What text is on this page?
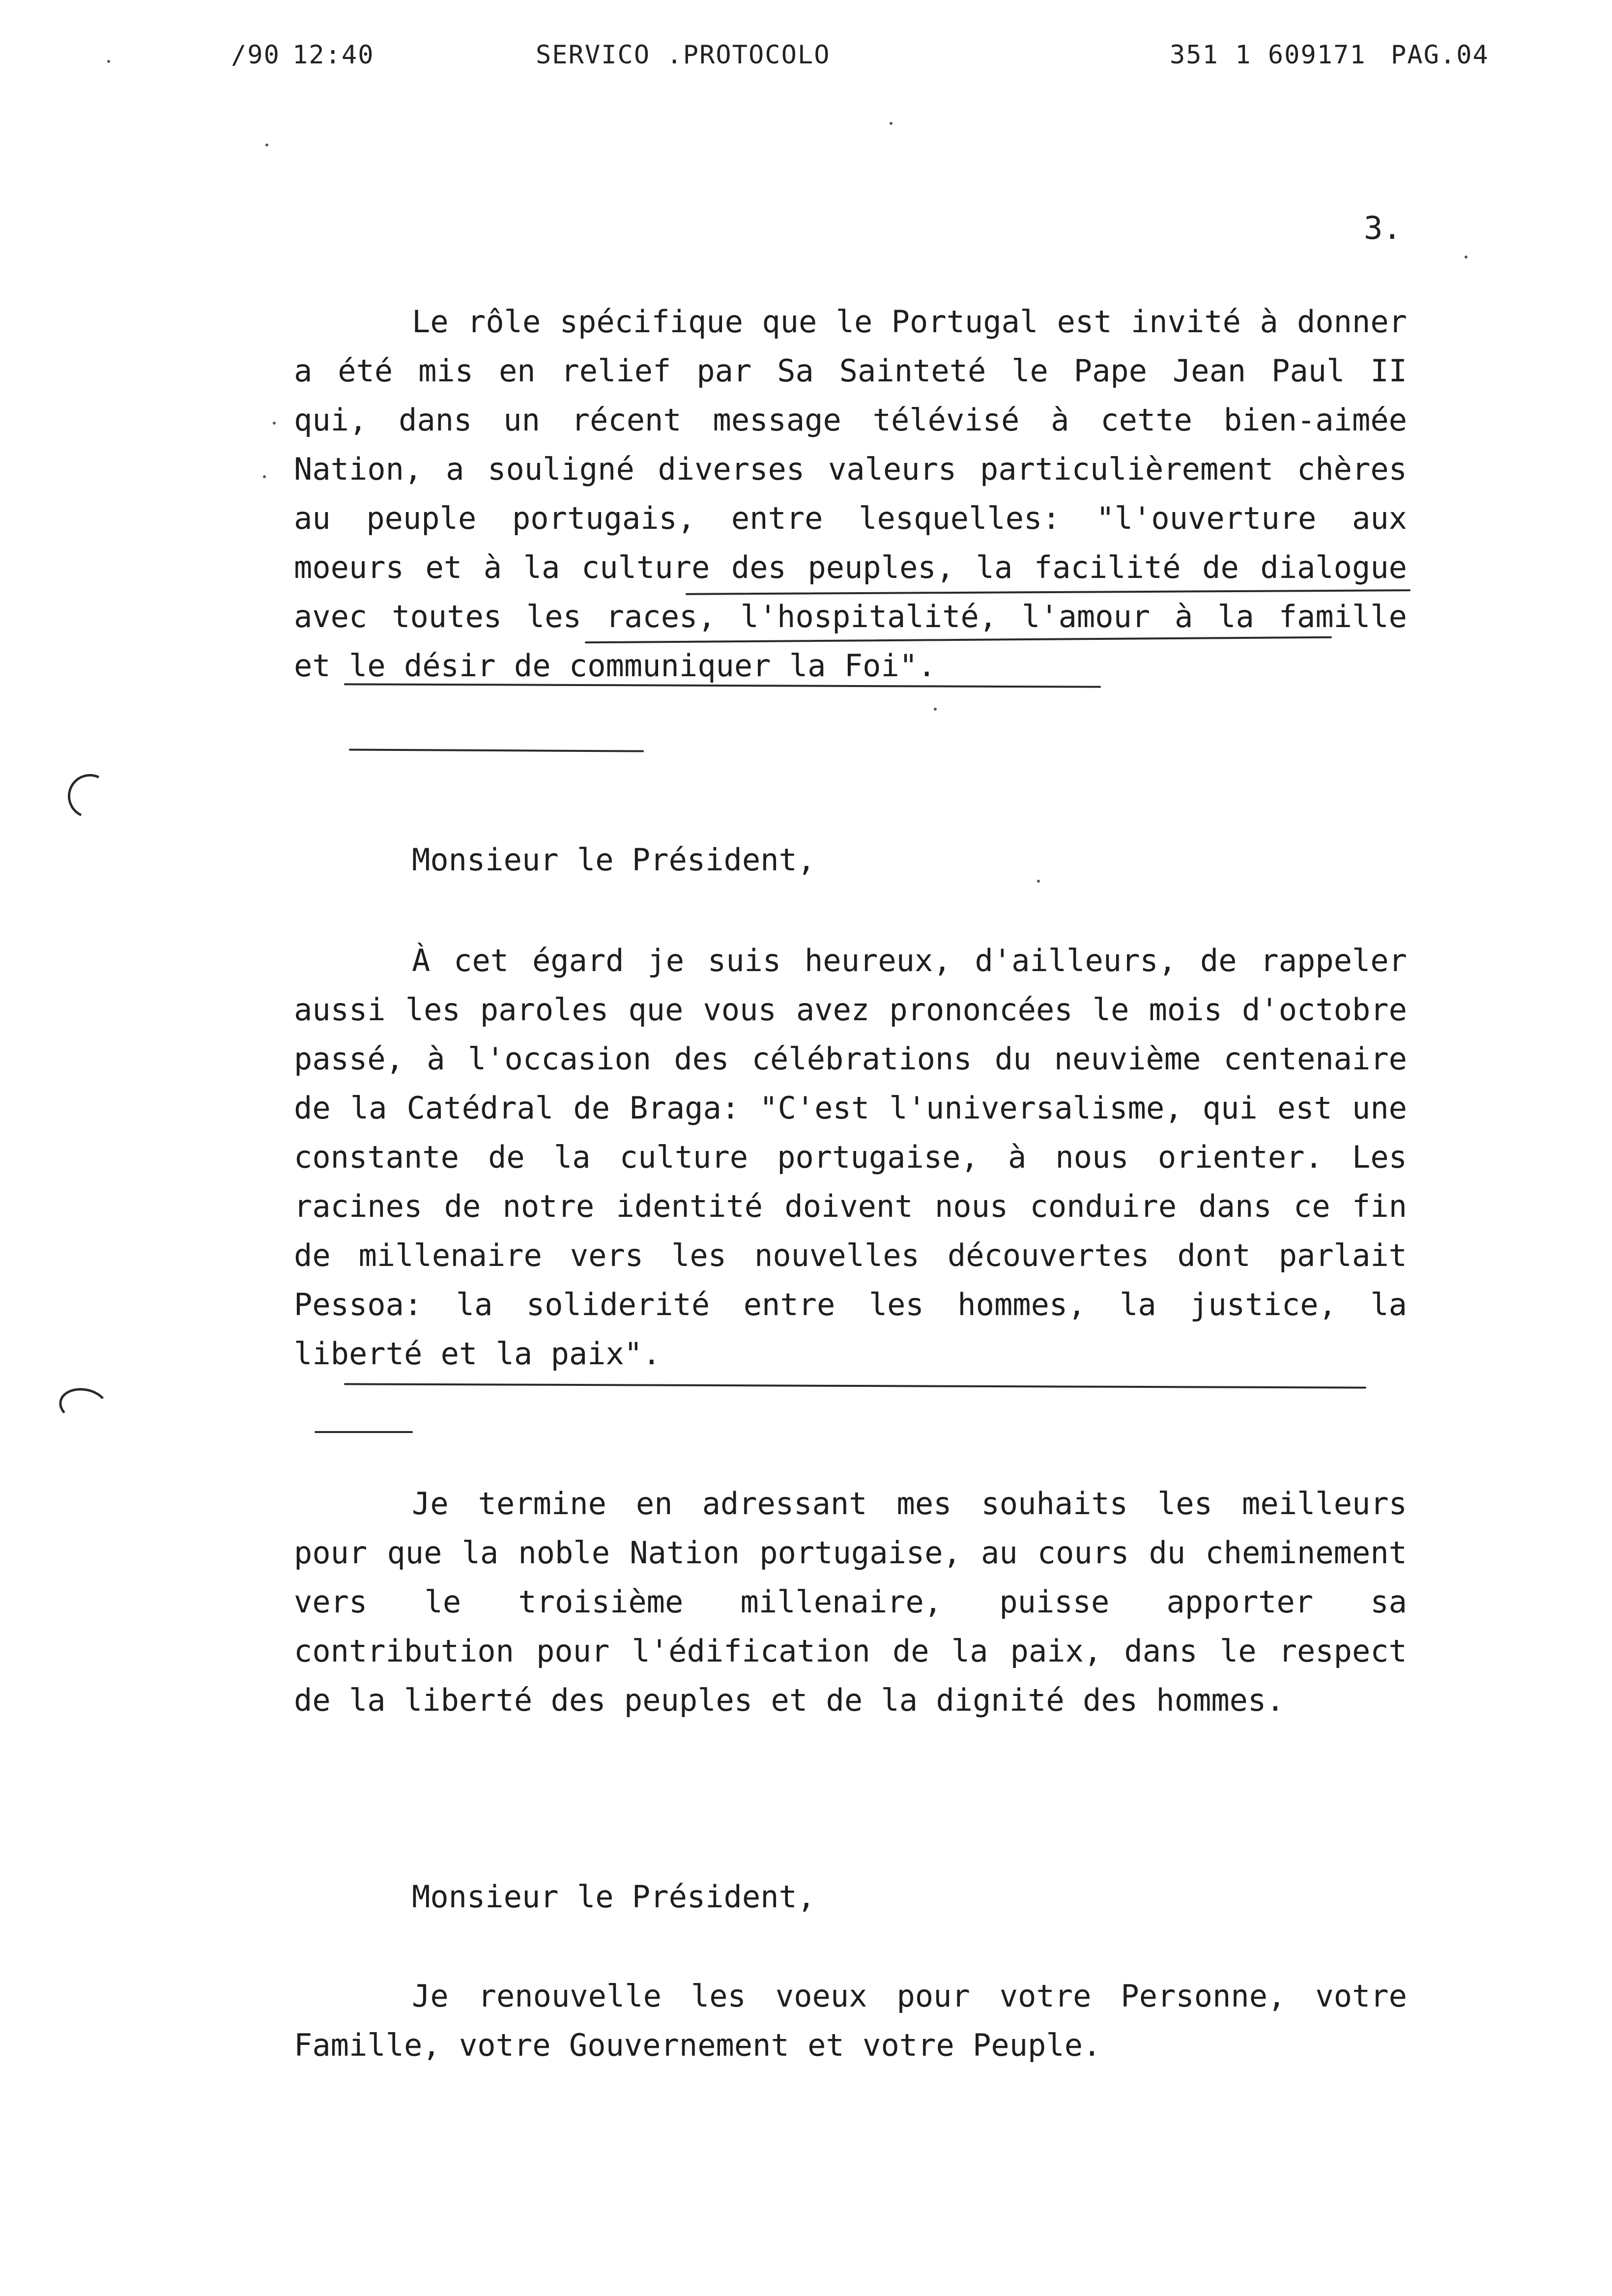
/90 12:40	SERVICO .PROTOCOLO	351 1 609171 PAG.04
3.

Le rôle spécifique que le Portugal est invité à donner a été mis en relief par Sa Sainteté le Pape Jean Paul II qui, dans un récent message télévisé à cette bien-aimée Nation, a souligné diverses valeurs particulièrement chères au peuple portugais, entre lesquelles: "l'ouverture aux moeurs et à la culture des peuples, la facilité de dialogue avec toutes les races, l'hospitalité, l'amour à la famille et le désir de communiquer la Foi".

Monsieur le Président,

À cet égard je suis heureux, d'ailleurs, de rappeler aussi les paroles que vous avez prononcées le mois d'octobre passé, à l'occasion des célébrations du neuvième centenaire de la Catédral de Braga: "C'est l'universalisme, qui est une constante de la culture portugaise, à nous orienter. Les racines de notre identité doivent nous conduire dans ce fin de millenaire vers les nouvelles découvertes dont parlait Pessoa: la soliderité entre les hommes, la justice, la liberté et la paix".

Je termine en adressant mes souhaits les meilleurs pour que la noble Nation portugaise, au cours du cheminement vers le troisième millenaire, puisse apporter sa contribution pour l'édification de la paix, dans le respect de la liberté des peuples et de la dignité des hommes.

Monsieur le Président,

Je renouvelle les voeux pour votre Personne, votre Famille, votre Gouvernement et votre Peuple.
